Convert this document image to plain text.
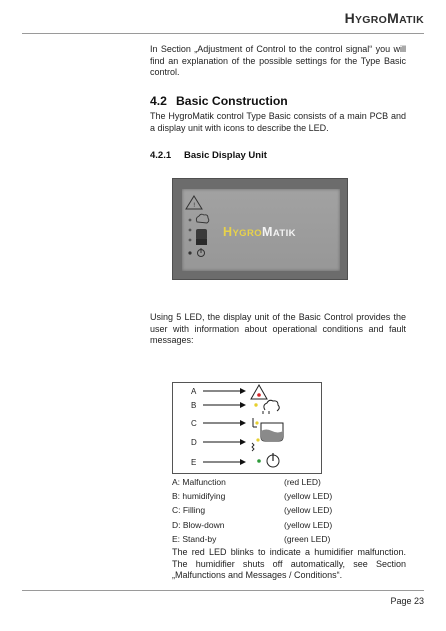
HYGROMATIK

In Section „Adjustment of Control to the control signal“ you will find an explanation of the possible settings for the Type Basic control.

4.2 Basic Construction

The HygroMatik control Type Basic consists of a main PCB and a display unit with icons to describe the LED.

4.2.1 Basic Display Unit

!
HYGROMATIK

Using 5 LED, the display unit of the Basic Control provides the user with information about operational conditions and fault messages:

A
B
C
D
E
A: Malfunction	(red LED)
B: humidifying	(yellow LED)
C: Filling	(yellow LED)
D: Blow-down	(yellow LED)
E: Stand-by	(green LED)

The red LED blinks to indicate a humidifier malfunction. The humidifier shuts off automatically, see Section „Malfunctions and Messages / Conditions“.

Page 23
